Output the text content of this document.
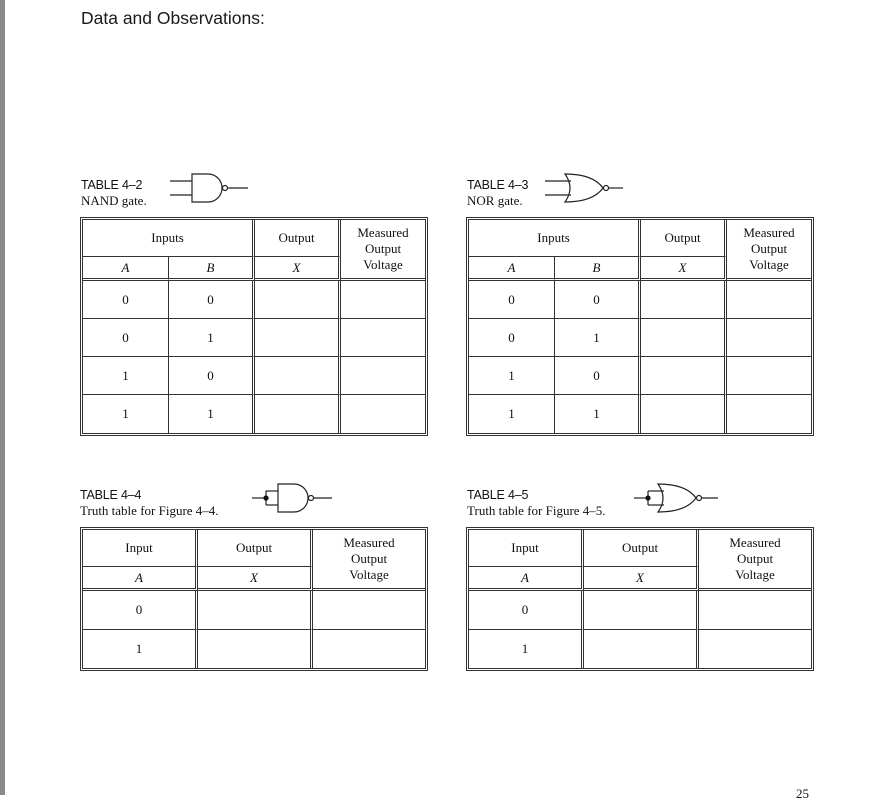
Data and Observations:
TABLE 4–2
NAND gate.
TABLE 4–3
NOR gate.
Inputs		Output	Measured Output Voltage

A	B	X	
0	0		
0	1		
1	0		
1	1		
Inputs		Output	Measured Output Voltage

A	B	X	
0	0		
0	1		
1	0		
1	1		
TABLE 4–4
Truth table for Figure 4–4.
TABLE 4–5
Truth table for Figure 4–5.
Input	Output	Measured Output Voltage

A	X	
0		
1		
Input	Output	Measured Output Voltage

A	X	
0		
1		
25
